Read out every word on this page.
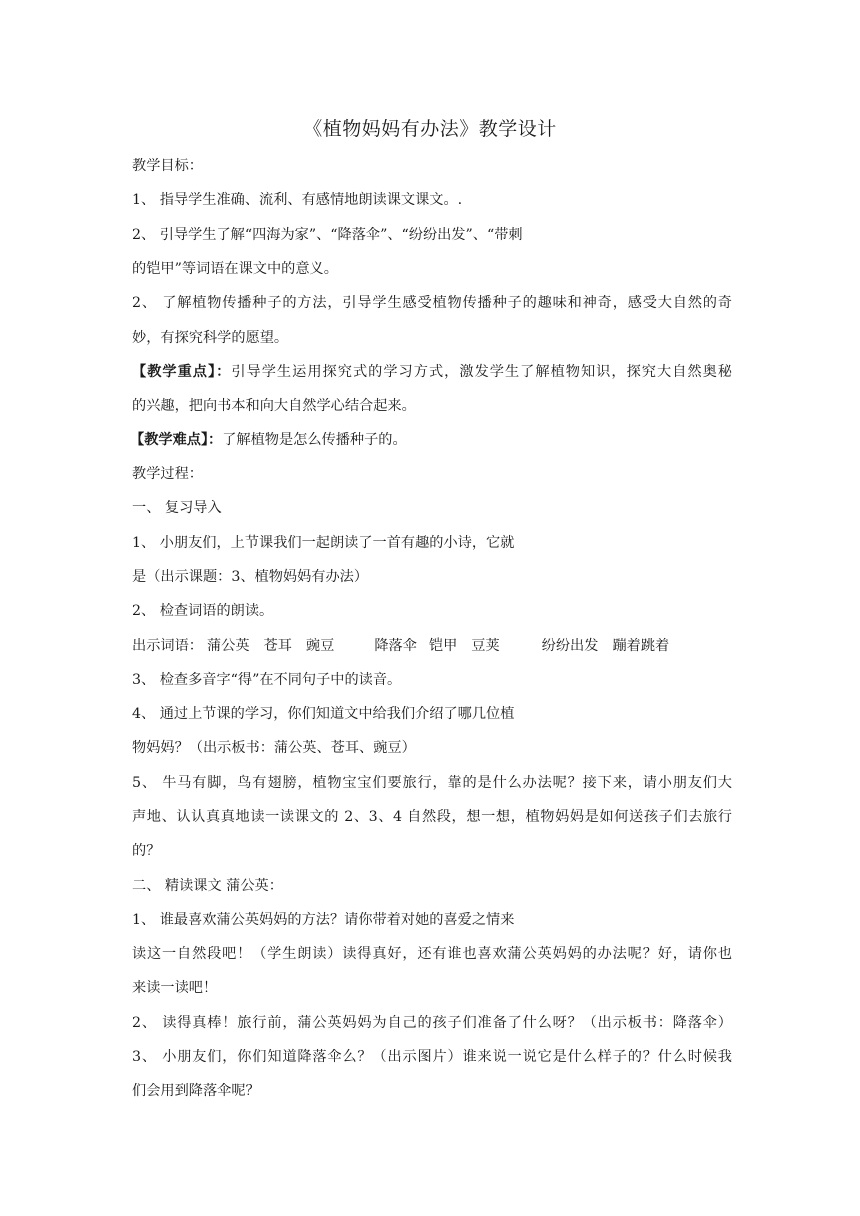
《植物妈妈有办法》教学设计
教学目标：
1、 指导学生准确、流利、有感情地朗读课文课文。.
2、 引导学生了解“四海为家”、“降落伞”、“纷纷出发”、“带刺
的铠甲”等词语在课文中的意义。
2、 了解植物传播种子的方法，引导学生感受植物传播种子的趣味和神奇，感受大自然的奇
妙，有探究科学的愿望。
【教学重点】：引导学生运用探究式的学习方式，激发学生了解植物知识，探究大自然奥秘
的兴趣，把向书本和向大自然学心结合起来。
【教学难点】：了解植物是怎么传播种子的。
教学过程：
一、 复习导入
1、 小朋友们，上节课我们一起朗读了一首有趣的小诗，它就
是（出示课题：3、植物妈妈有办法）
2、 检查词语的朗读。
出示词语： 蒲公英 苍耳 豌豆	降落伞 铠甲 豆荚	纷纷出发 蹦着跳着
3、 检查多音字“得”在不同句子中的读音。
4、 通过上节课的学习，你们知道文中给我们介绍了哪几位植
物妈妈？（出示板书：蒲公英、苍耳、豌豆）
5、 牛马有脚，鸟有翅膀，植物宝宝们要旅行，靠的是什么办法呢？接下来，请小朋友们大
声地、认认真真地读一读课文的 2、3、4 自然段，想一想，植物妈妈是如何送孩子们去旅行
的？
二、 精读课文 蒲公英：
1、 谁最喜欢蒲公英妈妈的方法？请你带着对她的喜爱之情来
读这一自然段吧！（学生朗读）读得真好，还有谁也喜欢蒲公英妈妈的办法呢？好，请你也
来读一读吧！
2、 读得真棒！旅行前，蒲公英妈妈为自己的孩子们准备了什么呀？（出示板书：降落伞）
3、 小朋友们，你们知道降落伞么？（出示图片）谁来说一说它是什么样子的？什么时候我
们会用到降落伞呢？
